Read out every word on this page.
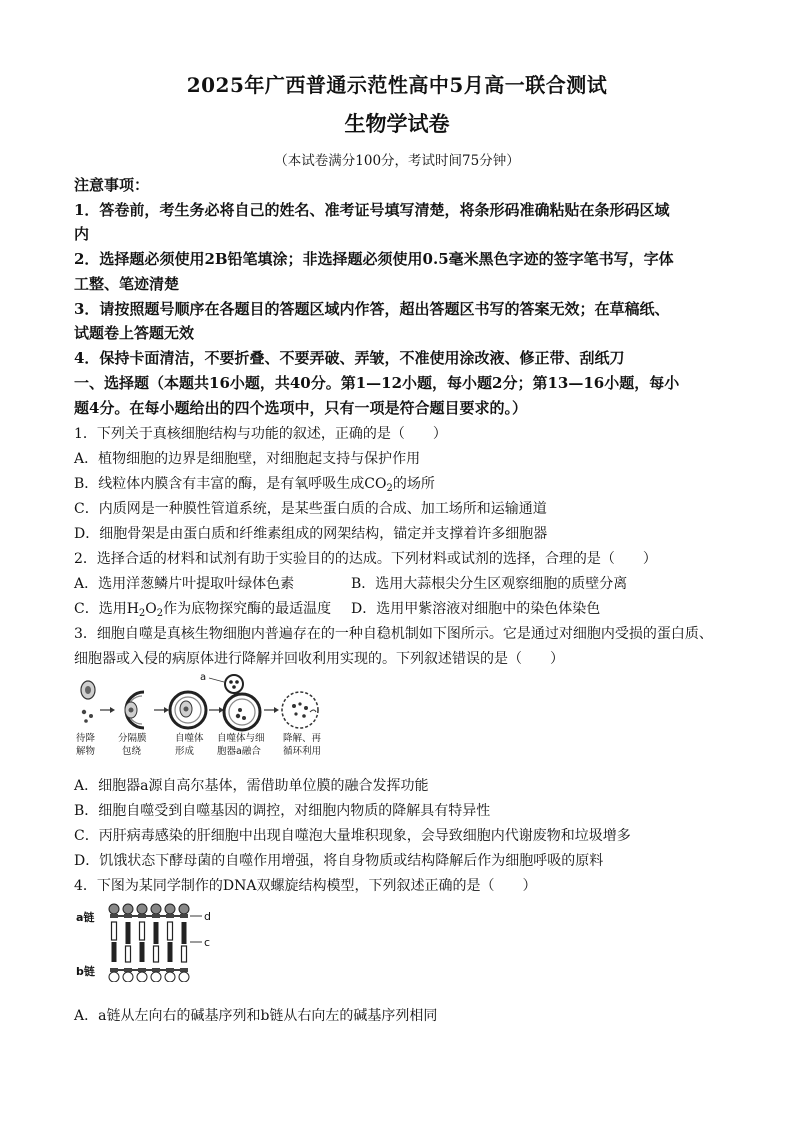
2025年广西普通示范性高中5月高一联合测试
生物学试卷
（本试卷满分100分，考试时间75分钟）
注意事项：
1．答卷前，考生务必将自己的姓名、准考证号填写清楚，将条形码准确粘贴在条形码区域
内
2．选择题必须使用2B铅笔填涂；非选择题必须使用0.5毫米黑色字迹的签字笔书写，字体
工整、笔迹清楚
3．请按照题号顺序在各题目的答题区域内作答，超出答题区书写的答案无效；在草稿纸、
试题卷上答题无效
4．保持卡面清洁，不要折叠、不要弄破、弄皱，不准使用涂改液、修正带、刮纸刀
一、选择题（本题共16小题，共40分。第1—12小题，每小题2分；第13—16小题，每小
题4分。在每小题给出的四个选项中，只有一项是符合题目要求的。）
1．下列关于真核细胞结构与功能的叙述，正确的是（　　）
A．植物细胞的边界是细胞壁，对细胞起支持与保护作用
B．线粒体内膜含有丰富的酶，是有氧呼吸生成$CO_2$的场所
C．内质网是一种膜性管道系统，是某些蛋白质的合成、加工场所和运输通道
D．细胞骨架是由蛋白质和纤维素组成的网架结构，锚定并支撑着许多细胞器
2．选择合适的材料和试剂有助于实验目的的达成。下列材料或试剂的选择，合理的是（　　）
A．选用洋葱鳞片叶提取叶绿体色素	B．选用大蒜根尖分生区观察细胞的质壁分离
C．选用$H_2O_2$作为底物探究酶的最适温度 D．选用甲紫溶液对细胞中的染色体染色
3．细胞自噬是真核生物细胞内普遍存在的一种自稳机制如下图所示。它是通过对细胞内受损的蛋白质、
细胞器或入侵的病原体进行降解并回收利用实现的。下列叙述错误的是（　　）
a
待降
解物
分隔膜
包绕
自噬体
形成
自噬体与细
胞器a融合
降解、再
循环利用
A．细胞器a源自高尔基体，需借助单位膜的融合发挥功能
B．细胞自噬受到自噬基因的调控，对细胞内物质的降解具有特异性
C．丙肝病毒感染的肝细胞中出现自噬泡大量堆积现象，会导致细胞内代谢废物和垃圾增多
D．饥饿状态下酵母菌的自噬作用增强，将自身物质或结构降解后作为细胞呼吸的原料
4．下图为某同学制作的DNA双螺旋结构模型，下列叙述正确的是（　　）
a链
b链
d
c
A．a链从左向右的碱基序列和b链从右向左的碱基序列相同
